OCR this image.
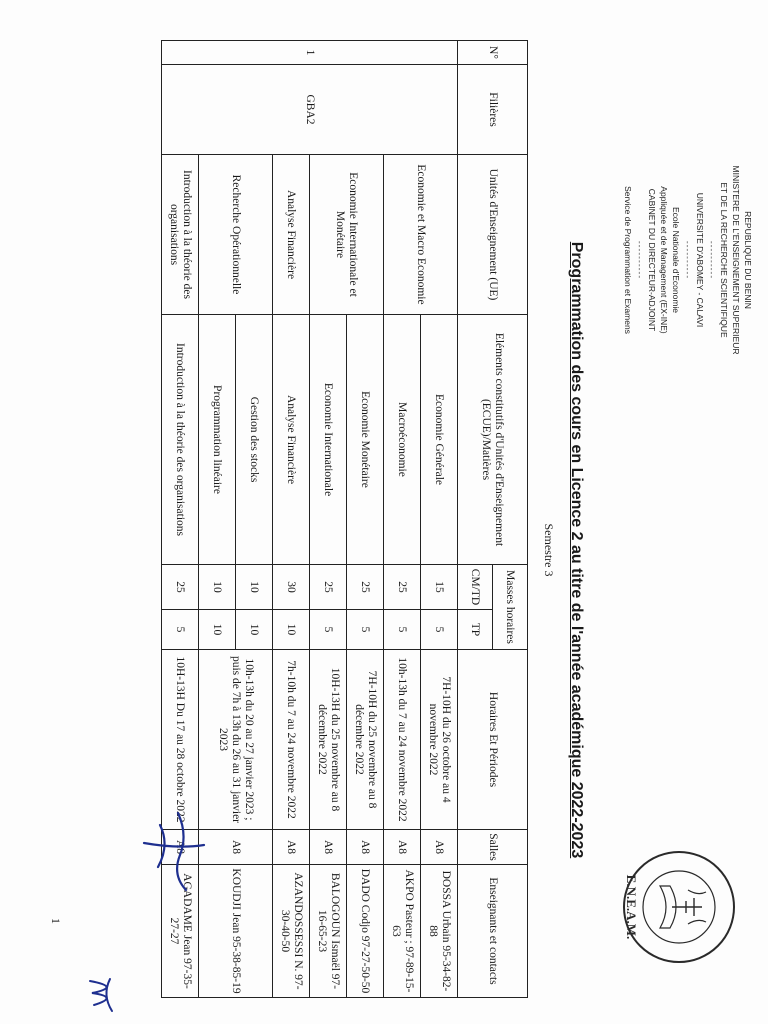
REPUBLIQUE DU BENIN
MINISTERE DE L'ENSEIGNEMENT SUPERIEUR
ET DE LA RECHERCHE SCIENTIFIQUE
----------
UNIVERSITE D'ABOMEY - CALAVI
----------
Ecole Nationale d'Economie
Appliquée et de Management (EX-INE)
CABINET DU DIRECTEUR-ADJOINT
----------
Service de Programmation et Examens
E.N.E.A.M.
Programmation des cours en Licence 2 au titre de l'année académique 2022-2023
Semestre 3
N°	Filières	Unités d'Enseignement (UE)	Eléments constitutifs d'Unités d'Enseignement (ECUE)/Matières	Masses horaires		Horaires Et Périodes	Salles	Enseignants et contacts
				CM/TD	TP			
1	GBA2	Economie et Macro Economie	Economie Générale	15	5	7H-10H du 26 octobre au 4 novembre 2022	A8	DOSSA Urbain 95-34-82-88
			Macroéconomie	25	5	10h-13h du 7 au 24 novembre 2022	A8	AKPO Pasteur ; 97-89-15-63
		Economie Internationale et Monétaire	Economie Monétaire	25	5	7H-10H du 25 novembre au 8 décembre 2022	A8	DADO Codjo 97-27-50-50
			Economie Internationale	25	5	10H-13H du 25 novembre au 8 décembre 2022	A8	BALOGOUN Ismaël 97-16-65-23
		Analyse Financière	Analyse Financière	30	10	7h-10h du 7 au 24 novembre 2022	A8	AZANDOSSESSI N. 97-30-40-50
		Recherche Opérationnelle	Gestion des stocks	10	10	10h-13h du 20 au 27 janvier 2023 ; puis de 7h à 13h du 26 au 31 janvier 2023	A8	KOUDJI Jean 95-38-85-19
			Programmation linéaire	10	10			
		Introduction à la théorie des organisations	Introduction à la théorie des organisations	25	5	10H-13H Du 17 au 28 octobre 2022	A8	AGADAME Jean 97-35-27-27
1
